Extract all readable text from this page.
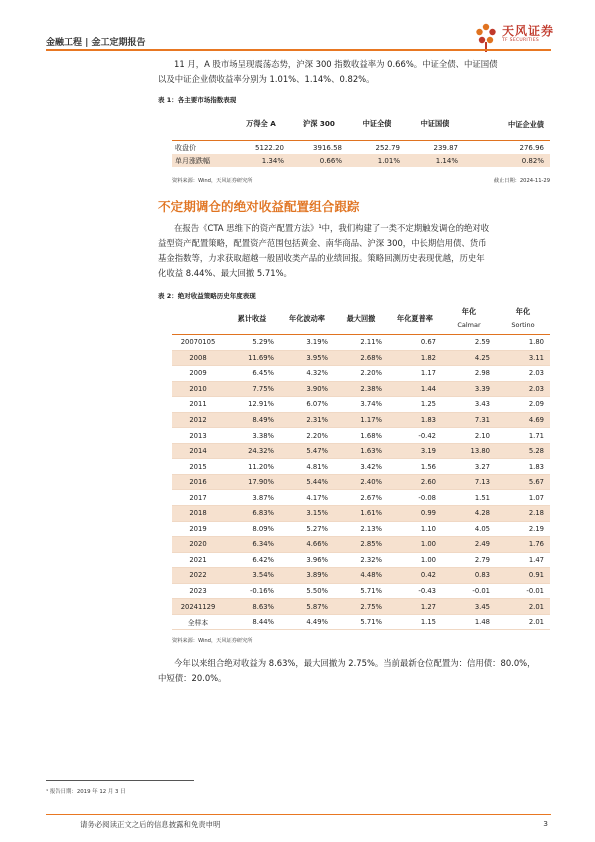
金融工程 | 金工定期报告
天风证券
TF SECURITIES

11 月，A 股市场呈现震荡态势，沪深 300 指数收益率为 0.66%。中证全债、中证国债

以及中证企业债收益率分别为 1.01%、1.14%、0.82%。

表 1：各主要市场指数表现
	万得全 A	沪深 300	中证全债	中证国债	中证企业债
收盘价	5122.20	3916.58	252.79	239.87	276.96
单月涨跌幅	1.34%	0.66%	1.01%	1.14%	0.82%
资料来源：Wind，天风证券研究所	截止日期：2024-11-29
不定期调仓的绝对收益配置组合跟踪

在报告《CTA 思维下的资产配置方法》¹中，我们构建了一类不定期触发调仓的绝对收

益型资产配置策略，配置资产范围包括黄金、南华商品、沪深 300，中长期信用债、货币

基金指数等，力求获取超越一般固收类产品的业绩回报。策略回测历史表现优越，历史年

化收益 8.44%、最大回撤 5.71%。

表 2：绝对收益策略历史年度表现
	累计收益	年化波动率	最大回撤	年化夏普率	年化
Calmar	年化
Sortino
20070105	5.29%	3.19%	2.11%	0.67	2.59	1.80
2008	11.69%	3.95%	2.68%	1.82	4.25	3.11
2009	6.45%	4.32%	2.20%	1.17	2.98	2.03
2010	7.75%	3.90%	2.38%	1.44	3.39	2.03
2011	12.91%	6.07%	3.74%	1.25	3.43	2.09
2012	8.49%	2.31%	1.17%	1.83	7.31	4.69
2013	3.38%	2.20%	1.68%	-0.42	2.10	1.71
2014	24.32%	5.47%	1.63%	3.19	13.80	5.28
2015	11.20%	4.81%	3.42%	1.56	3.27	1.83
2016	17.90%	5.44%	2.40%	2.60	7.13	5.67
2017	3.87%	4.17%	2.67%	-0.08	1.51	1.07
2018	6.83%	3.15%	1.61%	0.99	4.28	2.18
2019	8.09%	5.27%	2.13%	1.10	4.05	2.19
2020	6.34%	4.66%	2.85%	1.00	2.49	1.76
2021	6.42%	3.96%	2.32%	1.00	2.79	1.47
2022	3.54%	3.89%	4.48%	0.42	0.83	0.91
2023	-0.16%	5.50%	5.71%	-0.43	-0.01	-0.01
20241129	8.63%	5.87%	2.75%	1.27	3.45	2.01
全样本	8.44%	4.49%	5.71%	1.15	1.48	2.01
资料来源：Wind，天风证券研究所

今年以来组合绝对收益为 8.63%，最大回撤为 2.75%。当前最新仓位配置为：信用债：80.0%，

中短债：20.0%。

¹ 报告日期：2019 年 12 月 3 日
请务必阅读正文之后的信息披露和免责申明	3
